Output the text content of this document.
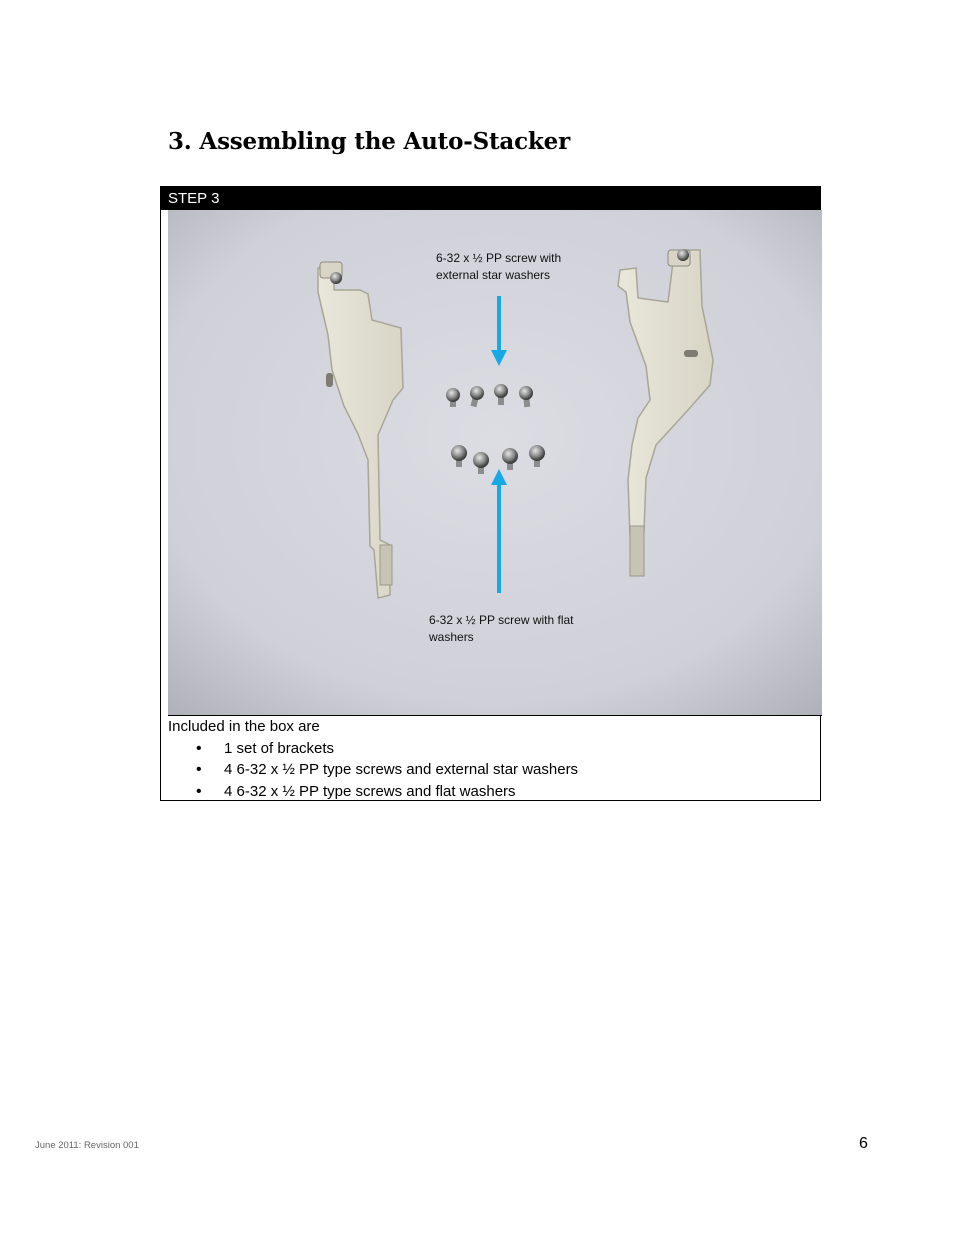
3. Assembling the Auto-Stacker
STEP 3
6-32 x ½ PP screw with external star washers
6-32 x ½ PP screw with flat washers
Included in the box are
• 1 set of brackets
• 4 6-32 x ½ PP type screws and external star washers
• 4 6-32 x ½ PP type screws and flat washers
June 2011: Revision 001	6
